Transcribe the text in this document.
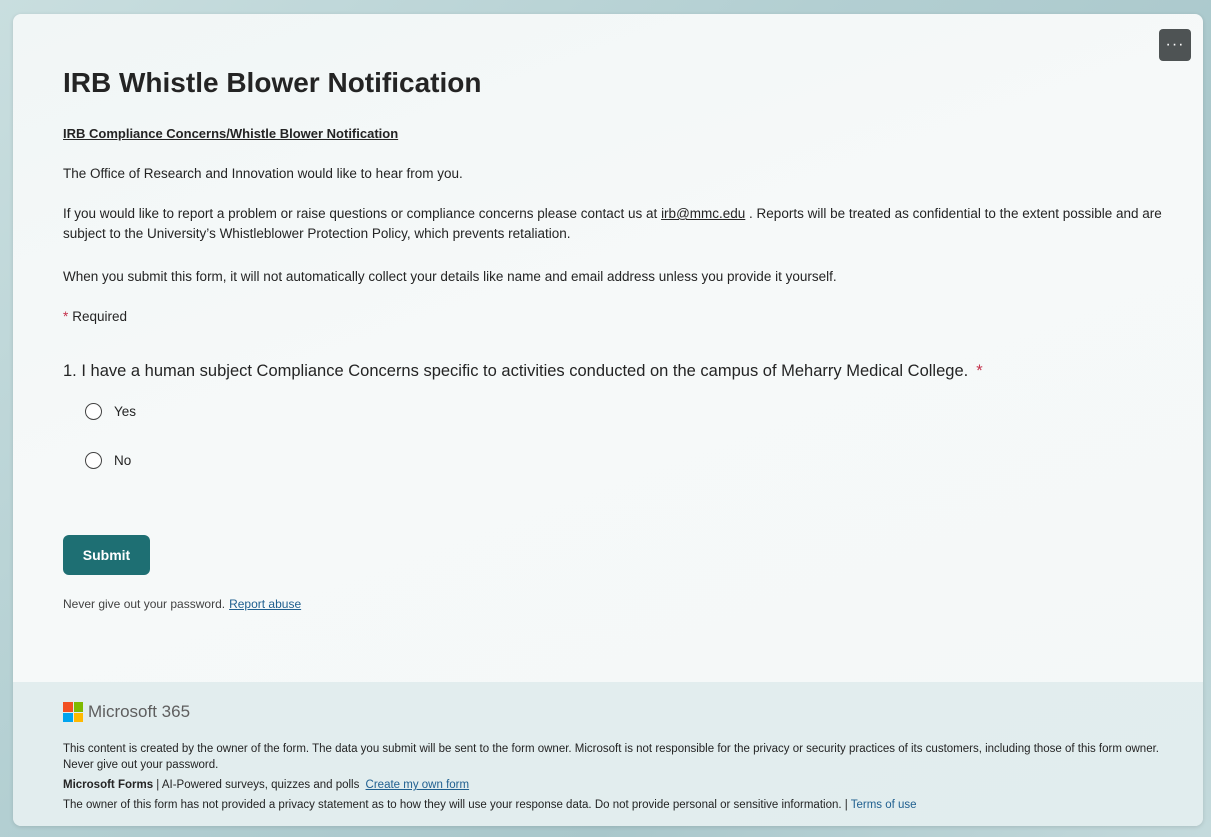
···
IRB Whistle Blower Notification
IRB Compliance Concerns/Whistle Blower Notification
The Office of Research and Innovation would like to hear from you.
If you would like to report a problem or raise questions or compliance concerns please contact us at irb@mmc.edu . Reports will be treated as confidential to the extent possible and are subject to the University’s Whistleblower Protection Policy, which prevents retaliation.
When you submit this form, it will not automatically collect your details like name and email address unless you provide it yourself.
* Required
1. I have a human subject Compliance Concerns specific to activities conducted on the campus of Meharry Medical College. *
Yes
No
Submit
Never give out your password. Report abuse
Microsoft 365
This content is created by the owner of the form. The data you submit will be sent to the form owner. Microsoft is not responsible for the privacy or security practices of its customers, including those of this form owner. Never give out your password.
Microsoft Forms | AI-Powered surveys, quizzes and polls Create my own form
The owner of this form has not provided a privacy statement as to how they will use your response data. Do not provide personal or sensitive information. | Terms of use
